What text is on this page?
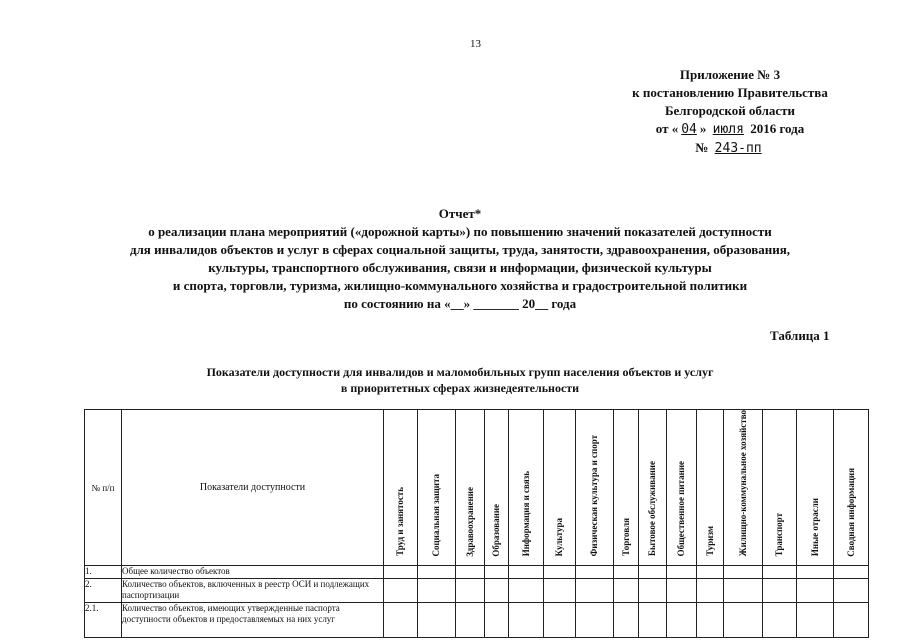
13
Приложение № 3
к постановлению Правительства
Белгородской области
от « 04 » июля 2016 года
№ 243-пп
Отчет*
о реализации плана мероприятий («дорожной карты») по повышению значений показателей доступности
для инвалидов объектов и услуг в сферах социальной защиты, труда, занятости, здравоохранения, образования,
культуры, транспортного обслуживания, связи и информации, физической культуры
и спорта, торговли, туризма, жилищно-коммунального хозяйства и градостроительной политики
по состоянию на «__» _______ 20__ года
Таблица 1
Показатели доступности для инвалидов и маломобильных групп населения объектов и услуг
в приоритетных сферах жизнедеятельности
№ п/п	Показатели доступности	Труд и занятость	Социальная защита	Здравоохранение	Образование	Информация и связь	Культура	Физическая культура и спорт	Торговля	Бытовое обслуживание	Общественное питание	Туризм	Жилищно-коммунальное хозяйство	Транспорт	Иные отрасли	Сводная информация
1.	Общее количество объектов															
2.	Количество объектов, включенных в реестр ОСИ и подлежащих паспортизации															
2.1.	Количество объектов, имеющих утвержденные паспорта доступности объектов и предоставляемых на них услуг															
